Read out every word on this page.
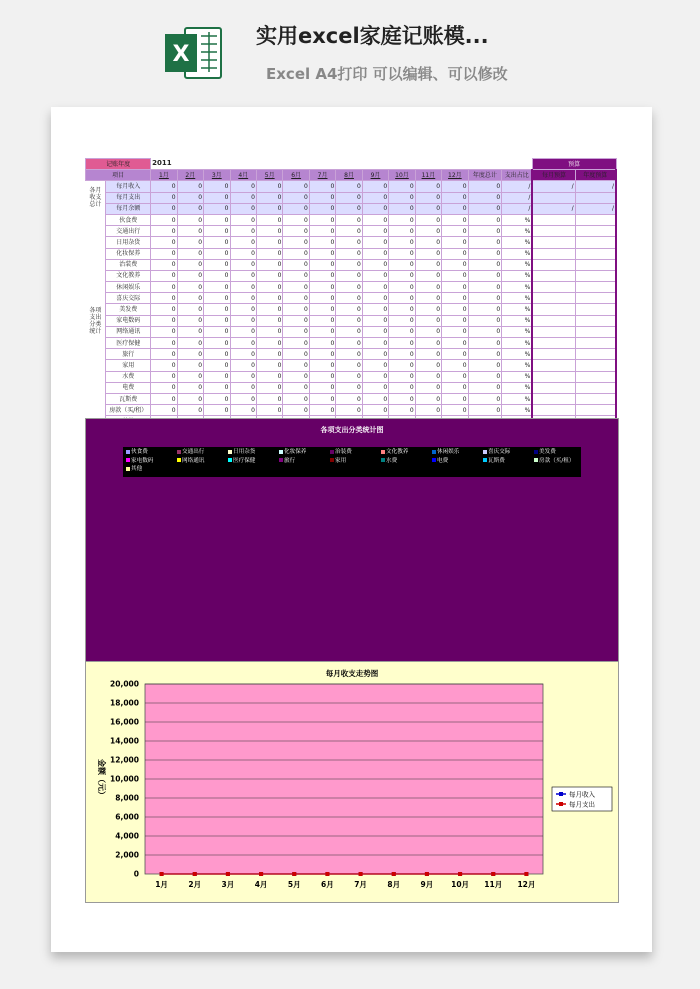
X
实用excel家庭记账模...
Excel A4打印 可以编辑、可以修改
记账年度		2011														预算	
项目		1月	2月	3月	4月	5月	6月	7月	8月	9月	10月	11月	12月	年度总计	支出占比	每月预算	年度预算
各月收支总计	每月收入	0	0	0	0	0	0	0	0	0	0	0	0	0	/	/	/
	每月支出	0	0	0	0	0	0	0	0	0	0	0	0	0	/		
	每月余额	0	0	0	0	0	0	0	0	0	0	0	0	0	/	/	/
各项支出分类统计	伙食费	0	0	0	0	0	0	0	0	0	0	0	0	0	%		
	交通出行	0	0	0	0	0	0	0	0	0	0	0	0	0	%		
	日用杂货	0	0	0	0	0	0	0	0	0	0	0	0	0	%		
	化妆保养	0	0	0	0	0	0	0	0	0	0	0	0	0	%		
	治装费	0	0	0	0	0	0	0	0	0	0	0	0	0	%		
	文化教养	0	0	0	0	0	0	0	0	0	0	0	0	0	%		
	休闲娱乐	0	0	0	0	0	0	0	0	0	0	0	0	0	%		
	喜庆交际	0	0	0	0	0	0	0	0	0	0	0	0	0	%		
	美发费	0	0	0	0	0	0	0	0	0	0	0	0	0	%		
	家电数码	0	0	0	0	0	0	0	0	0	0	0	0	0	%		
	网络通讯	0	0	0	0	0	0	0	0	0	0	0	0	0	%		
	医疗保健	0	0	0	0	0	0	0	0	0	0	0	0	0	%		
	旅行	0	0	0	0	0	0	0	0	0	0	0	0	0	%		
	家用	0	0	0	0	0	0	0	0	0	0	0	0	0	%		
	水费	0	0	0	0	0	0	0	0	0	0	0	0	0	%		
	电费	0	0	0	0	0	0	0	0	0	0	0	0	0	%		
	瓦斯费	0	0	0	0	0	0	0	0	0	0	0	0	0	%		
	房款（买/租）	0	0	0	0	0	0	0	0	0	0	0	0	0	%		

各项支出分类统计图
伙食费	交通出行	日用杂货	化妆保养	治装费	文化教养	休闲娱乐	喜庆交际	美发费
家电数码	网络通讯	医疗保健	旅行	家用	水费	电费	瓦斯费	房款（买/租）
其他
每月收支走势图
0
2,000
4,000
6,000
8,000
10,000
12,000
14,000
16,000
18,000
20,000
1月	2月	3月	4月	5月	6月	7月	8月	9月 10月 11月 12月
金额（元）	每月收入
每月支出
